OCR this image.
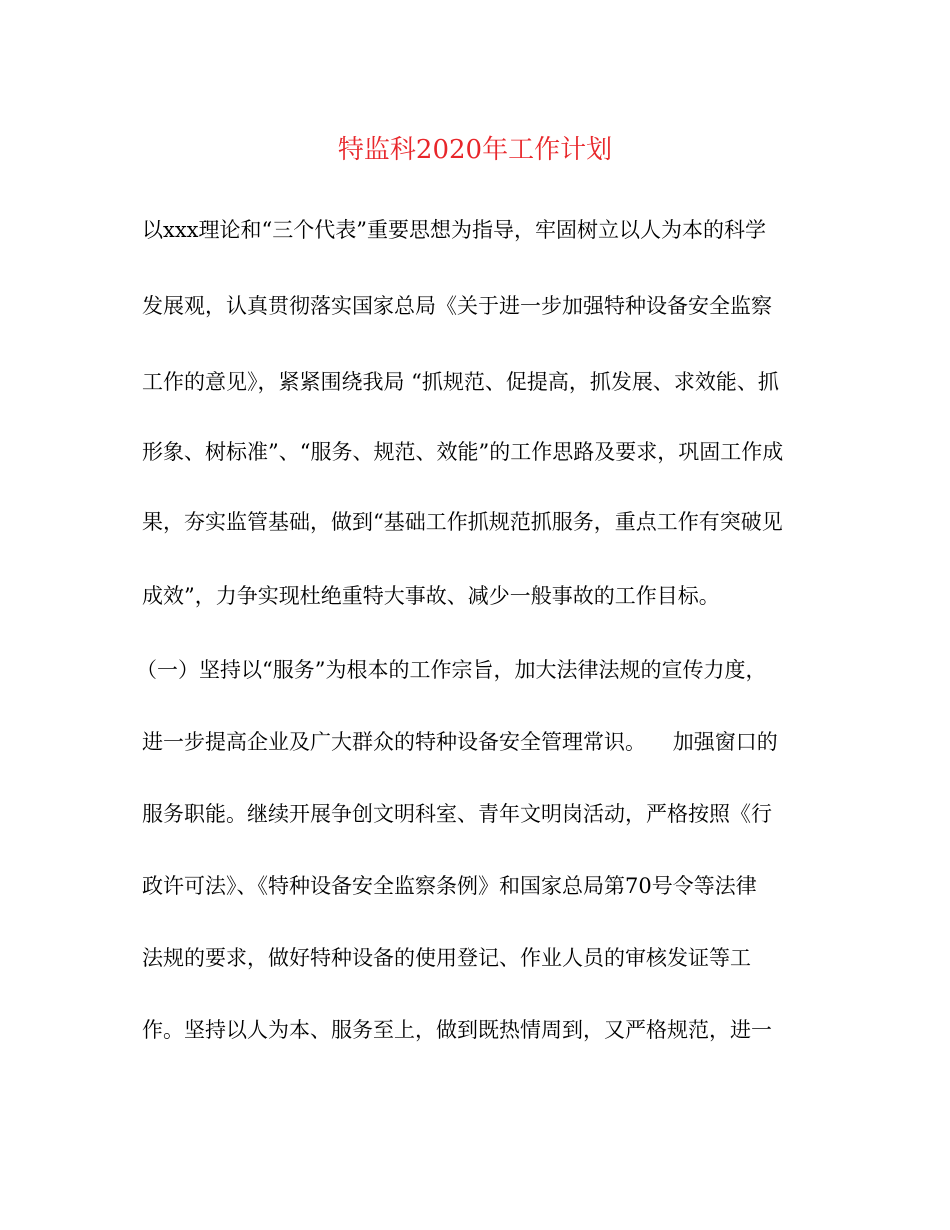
特监科2020年工作计划

以xxx理论和“三个代表”重要思想为指导，牢固树立以人为本的科学

发展观，认真贯彻落实国家总局《关于进一步加强特种设备安全监察

工作的意见》，紧紧围绕我局 “抓规范、促提高，抓发展、求效能、抓

形象、树标准”、“服务、规范、效能”的工作思路及要求，巩固工作成

果，夯实监管基础，做到“基础工作抓规范抓服务，重点工作有突破见

成效”，力争实现杜绝重特大事故、减少一般事故的工作目标。

（一）坚持以“服务”为根本的工作宗旨，加大法律法规的宣传力度，

进一步提高企业及广大群众的特种设备安全管理常识。    加强窗口的

服务职能。继续开展争创文明科室、青年文明岗活动，严格按照《行

政许可法》、《特种设备安全监察条例》和国家总局第70号令等法律

法规的要求，做好特种设备的使用登记、作业人员的审核发证等工

作。坚持以人为本、服务至上，做到既热情周到，又严格规范，进一
